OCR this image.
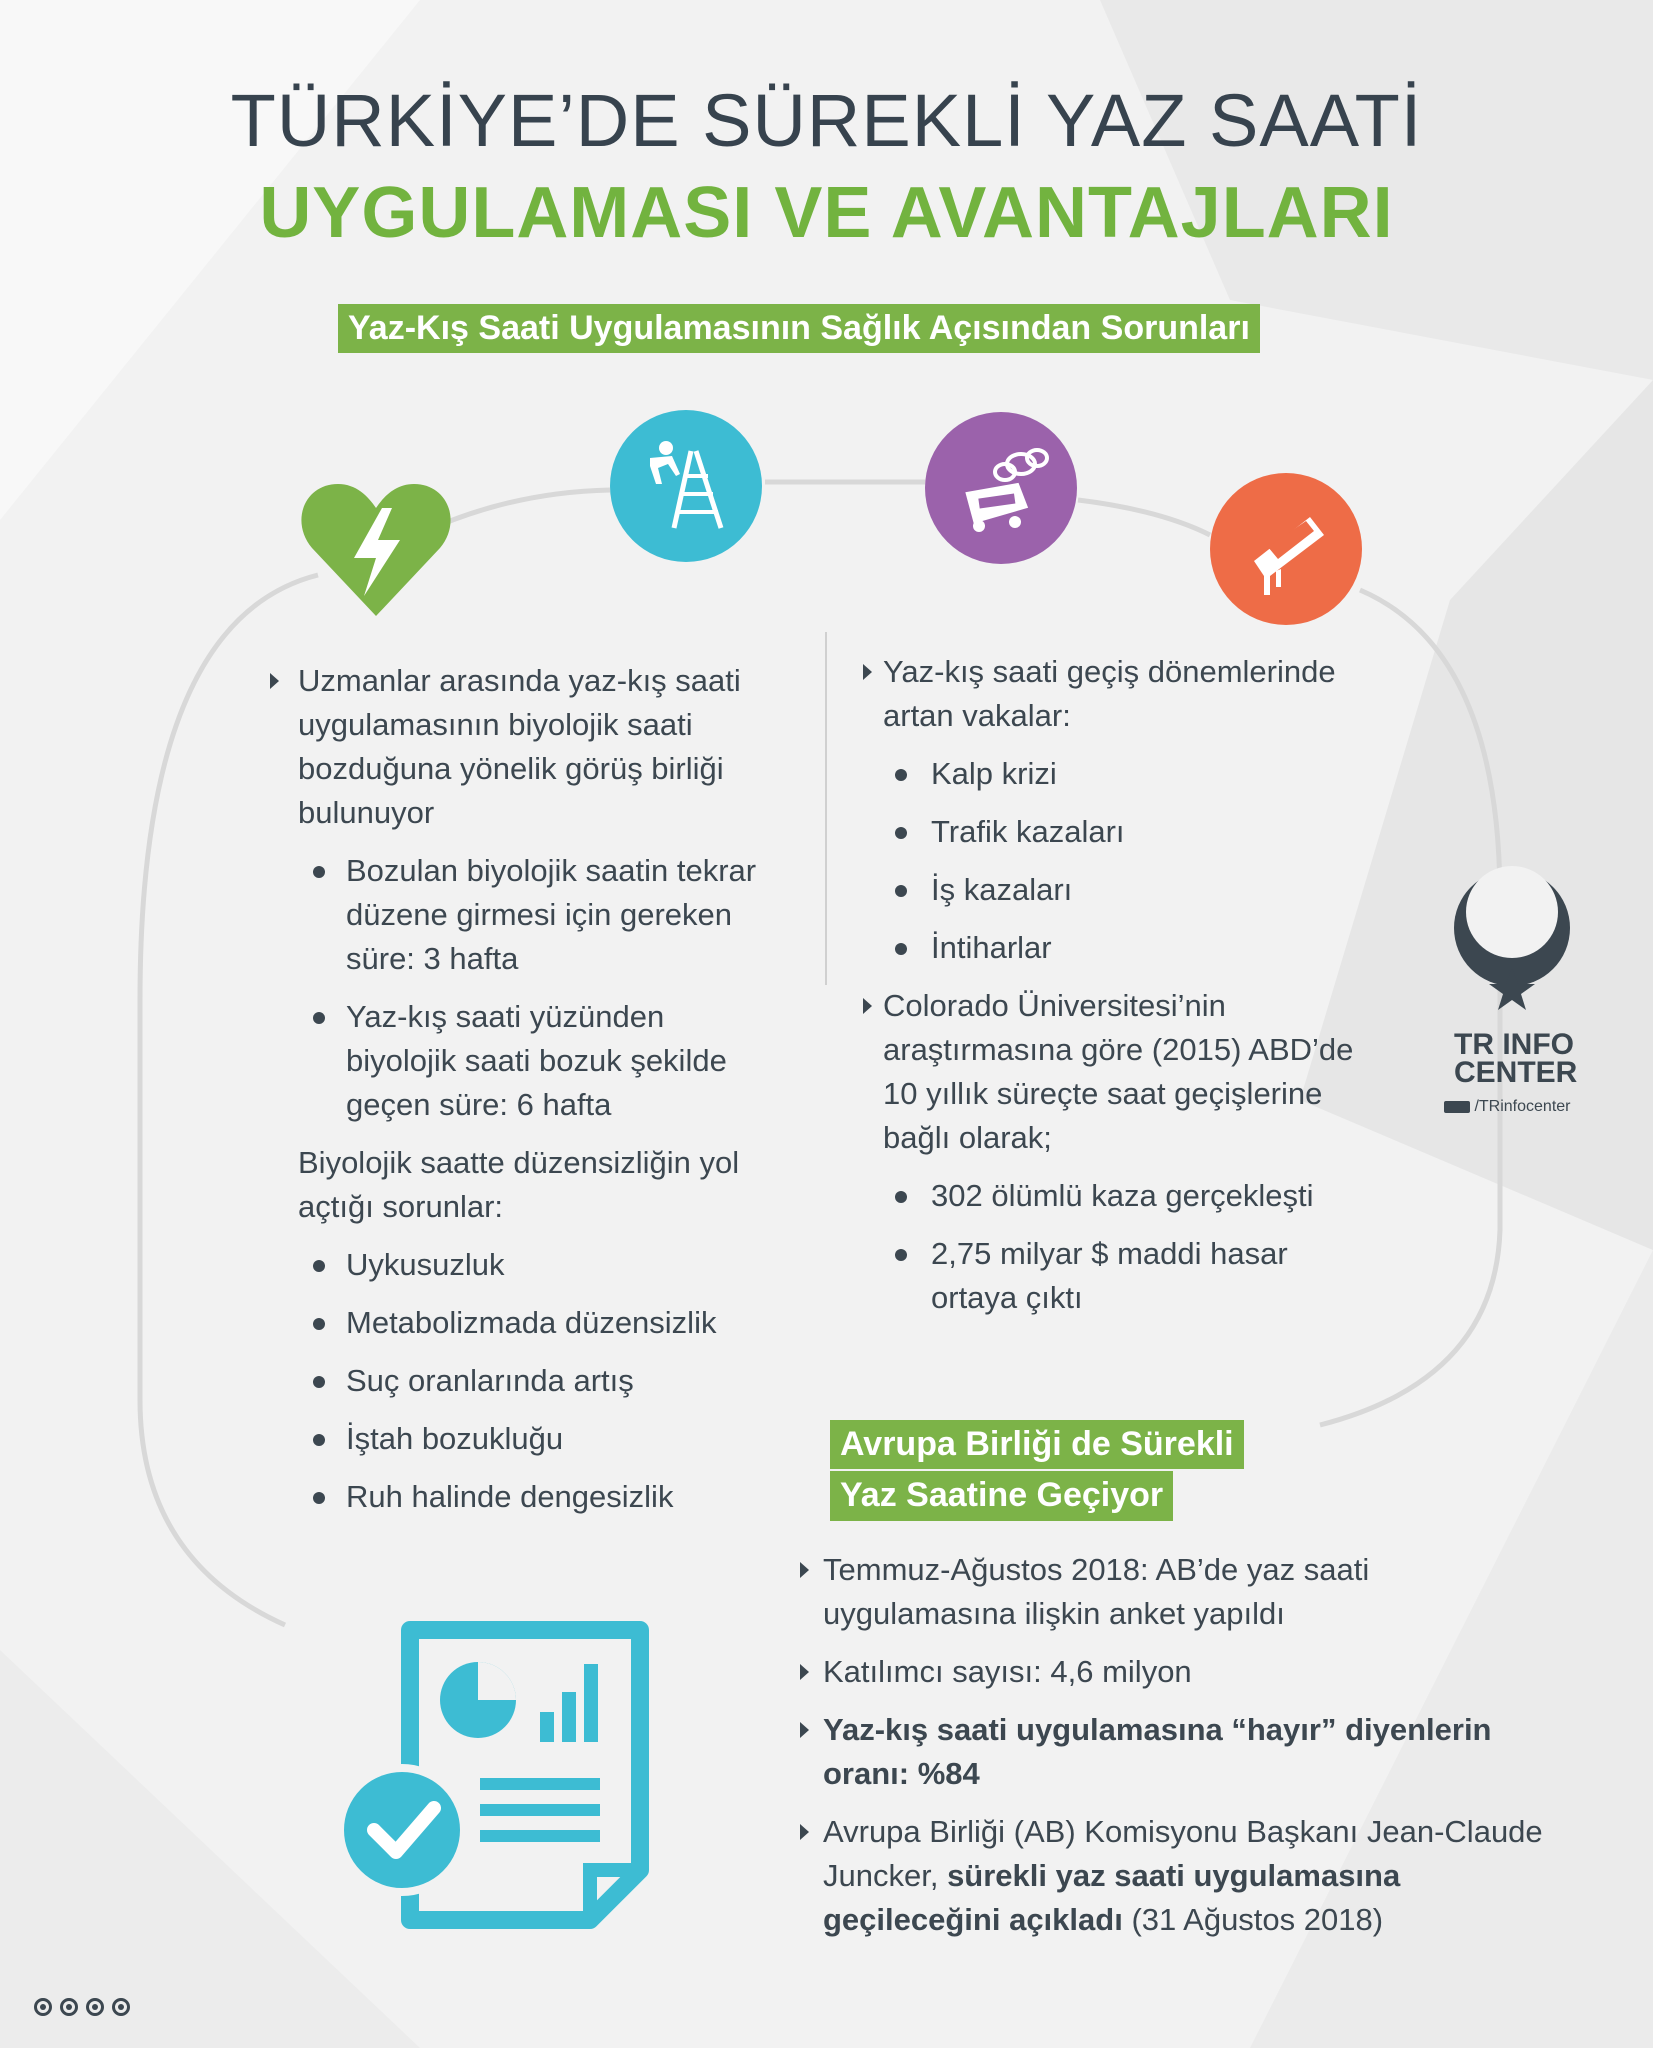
TÜRKİYE’DE SÜREKLİ YAZ SAATİ
UYGULAMASI VE AVANTAJLARI
Yaz-Kış Saati Uygulamasının Sağlık Açısından Sorunları
Uzmanlar arasında yaz-kış saati
uygulamasının biyolojik saati
bozduğuna yönelik görüş birliği
bulunuyor
Bozulan biyolojik saatin tekrar
düzene girmesi için gereken
süre: 3 hafta
Yaz-kış saati yüzünden
biyolojik saati bozuk şekilde
geçen süre: 6 hafta
Biyolojik saatte düzensizliğin yol
açtığı sorunlar:
Uykusuzluk
Metabolizmada düzensizlik
Suç oranlarında artış
İştah bozukluğu
Ruh halinde dengesizlik
Yaz-kış saati geçiş dönemlerinde
artan vakalar:
Kalp krizi
Trafik kazaları
İş kazaları
İntiharlar
Colorado Üniversitesi’nin
araştırmasına göre (2015) ABD’de
10 yıllık süreçte saat geçişlerine
bağlı olarak;
302 ölümlü kaza gerçekleşti
2,75 milyar $ maddi hasar
ortaya çıktı
TR INFO
CENTER
/TRinfocenter
Avrupa Birliği de Sürekli
Yaz Saatine Geçiyor
Temmuz-Ağustos 2018: AB’de yaz saati
uygulamasına ilişkin anket yapıldı
Katılımcı sayısı: 4,6 milyon
Yaz-kış saati uygulamasına “hayır” diyenlerin
oranı: %84
Avrupa Birliği (AB) Komisyonu Başkanı Jean-Claude
Juncker, sürekli yaz saati uygulamasına
geçileceğini açıkladı (31 Ağustos 2018)
